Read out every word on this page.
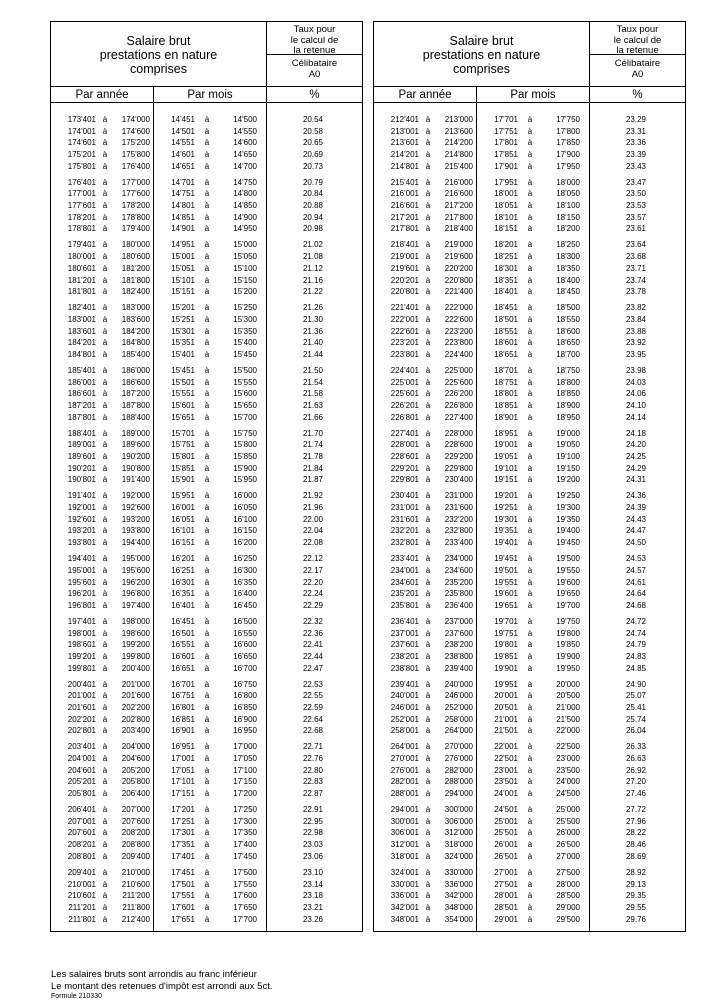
Salaire brut
prestations en nature
comprises
Taux pour
le calcul de
la retenue
Célibataire
A0
Par année	Par mois	%
173'401 à	174'000	14'451	à	14'500	20.54
174'001 à	174'600	14'501	à	14'550	20.58
174'601 à	175'200	14'551	à	14'600	20.65
175'201 à	175'800	14'601	à	14'650	20.69
175'801 à	176'400	14'651	à	14'700	20.73
176'401 à	177'000	14'701	à	14'750	20.79
177'001 à	177'600	14'751	à	14'800	20.84
177'601 à	178'200	14'801	à	14'850	20.88
178'201 à	178'800	14'851	à	14'900	20.94
178'801 à	179'400	14'901	à	14'950	20.98
179'401 à	180'000	14'951	à	15'000	21.02
180'001 à	180'600	15'001	à	15'050	21.08
180'601 à	181'200	15'051	à	15'100	21.12
181'201 à	181'800	15'101	à	15'150	21.16
181'801 à	182'400	15'151	à	15'200	21.22
182'401 à	183'000	15'201	à	15'250	21.26
183'001 à	183'600	15'251	à	15'300	21.30
183'601 à	184'200	15'301	à	15'350	21.36
184'201 à	184'800	15'351	à	15'400	21.40
184'801 à	185'400	15'401	à	15'450	21.44
185'401 à	186'000	15'451	à	15'500	21.50
186'001 à	186'600	15'501	à	15'550	21.54
186'601 à	187'200	15'551	à	15'600	21.58
187'201 à	187'800	15'601	à	15'650	21.63
187'801 à	188'400	15'651	à	15'700	21.66
188'401 à	189'000	15'701	à	15'750	21.70
189'001 à	189'600	15'751	à	15'800	21.74
189'601 à	190'200	15'801	à	15'850	21.78
190'201 à	190'800	15'851	à	15'900	21.84
190'801 à	191'400	15'901	à	15'950	21.87
191'401 à	192'000	15'951	à	16'000	21.92
192'001 à	192'600	16'001	à	16'050	21.96
192'601 à	193'200	16'051	à	16'100	22.00
193'201 à	193'800	16'101	à	16'150	22.04
193'801 à	194'400	16'151	à	16'200	22.08
194'401 à	195'000	16'201	à	16'250	22.12
195'001 à	195'600	16'251	à	16'300	22.17
195'601 à	196'200	16'301	à	16'350	22.20
196'201 à	196'800	16'351	à	16'400	22.24
196'801 à	197'400	16'401	à	16'450	22.29
197'401 à	198'000	16'451	à	16'500	22.32
198'001 à	198'600	16'501	à	16'550	22.36
198'601 à	199'200	16'551	à	16'600	22.41
199'201 à	199'800	16'601	à	16'650	22.44
199'801 à	200'400	16'651	à	16'700	22.47
200'401 à	201'000	16'701	à	16'750	22.53
201'001 à	201'600	16'751	à	16'800	22.55
201'601 à	202'200	16'801	à	16'850	22.59
202'201 à	202'800	16'851	à	16'900	22.64
202'801 à	203'400	16'901	à	16'950	22.68
203'401 à	204'000	16'951	à	17'000	22.71
204'001 à	204'600	17'001	à	17'050	22.76
204'601 à	205'200	17'051	à	17'100	22.80
205'201 à	205'800	17'101	à	17'150	22.83
205'801 à	206'400	17'151	à	17'200	22.87
206'401 à	207'000	17'201	à	17'250	22.91
207'001 à	207'600	17'251	à	17'300	22.95
207'601 à	208'200	17'301	à	17'350	22.98
208'201 à	208'800	17'351	à	17'400	23.03
208'801 à	209'400	17'401	à	17'450	23.06
209'401 à	210'000	17'451	à	17'500	23.10
210'001 à	210'600	17'501	à	17'550	23.14
210'601 à	211'200	17'551	à	17'600	23.18
211'201 à	211'800	17'601	à	17'650	23.21
211'801 à	212'400	17'651	à	17'700	23.26
Salaire brut
prestations en nature
comprises
Taux pour
le calcul de
la retenue
Célibataire
A0
Par année	Par mois	%
212'401 à	213'000	17'701	à	17'750	23.29
213'001 à	213'600	17'751	à	17'800	23.31
213'601 à	214'200	17'801	à	17'850	23.36
214'201 à	214'800	17'851	à	17'900	23.39
214'801 à	215'400	17'901	à	17'950	23.43
215'401 à	216'000	17'951	à	18'000	23.47
216'001 à	216'600	18'001	à	18'050	23.50
216'601 à	217'200	18'051	à	18'100	23.53
217'201 à	217'800	18'101	à	18'150	23.57
217'801 à	218'400	18'151	à	18'200	23.61
218'401 à	219'000	18'201	à	18'250	23.64
219'001 à	219'600	18'251	à	18'300	23.68
219'601 à	220'200	18'301	à	18'350	23.71
220'201 à	220'800	18'351	à	18'400	23.74
220'801 à	221'400	18'401	à	18'450	23.78
221'401 à	222'000	18'451	à	18'500	23.82
222'001 à	222'600	18'501	à	18'550	23.84
222'601 à	223'200	18'551	à	18'600	23.88
223'201 à	223'800	18'601	à	18'650	23.92
223'801 à	224'400	18'651	à	18'700	23.95
224'401 à	225'000	18'701	à	18'750	23.98
225'001 à	225'600	18'751	à	18'800	24.03
225'601 à	226'200	18'801	à	18'850	24.06
226'201 à	226'800	18'851	à	18'900	24.10
226'801 à	227'400	18'901	à	18'950	24.14
227'401 à	228'000	18'951	à	19'000	24.18
228'001 à	228'600	19'001	à	19'050	24.20
228'601 à	229'200	19'051	à	19'100	24.25
229'201 à	229'800	19'101	à	19'150	24.29
229'801 à	230'400	19'151	à	19'200	24.31
230'401 à	231'000	19'201	à	19'250	24.36
231'001 à	231'600	19'251	à	19'300	24.39
231'601 à	232'200	19'301	à	19'350	24.43
232'201 à	232'800	19'351	à	19'400	24.47
232'801 à	233'400	19'401	à	19'450	24.50
233'401 à	234'000	19'451	à	19'500	24.53
234'001 à	234'600	19'501	à	19'550	24.57
234'601 à	235'200	19'551	à	19'600	24.61
235'201 à	235'800	19'601	à	19'650	24.64
235'801 à	236'400	19'651	à	19'700	24.68
236'401 à	237'000	19'701	à	19'750	24.72
237'001 à	237'600	19'751	à	19'800	24.74
237'601 à	238'200	19'801	à	19'850	24.79
238'201 à	238'800	19'851	à	19'900	24.83
238'801 à	239'400	19'901	à	19'950	24.85
239'401 à	240'000	19'951	à	20'000	24.90
240'001 à	246'000	20'001	à	20'500	25.07
246'001 à	252'000	20'501	à	21'000	25.41
252'001 à	258'000	21'001	à	21'500	25.74
258'001 à	264'000	21'501	à	22'000	26.04
264'001 à	270'000	22'001	à	22'500	26.33
270'001 à	276'000	22'501	à	23'000	26.63
276'001 à	282'000	23'001	à	23'500	26.92
282'001 à	288'000	23'501	à	24'000	27.20
288'001 à	294'000	24'001	à	24'500	27.46
294'001 à	300'000	24'501	à	25'000	27.72
300'001 à	306'000	25'001	à	25'500	27.96
306'001 à	312'000	25'501	à	26'000	28.22
312'001 à	318'000	26'001	à	26'500	28.46
318'001 à	324'000	26'501	à	27'000	28.69
324'001 à	330'000	27'001	à	27'500	28.92
330'001 à	336'000	27'501	à	28'000	29.13
336'001 à	342'000	28'001	à	28'500	29.35
342'001 à	348'000	28'501	à	29'000	29.55
348'001 à	354'000	29'001	à	29'500	29.76
Les salaires bruts sont arrondis au franc inférieur
Le montant des retenues d'impôt est arrondi aux 5ct.
Formule 210330
